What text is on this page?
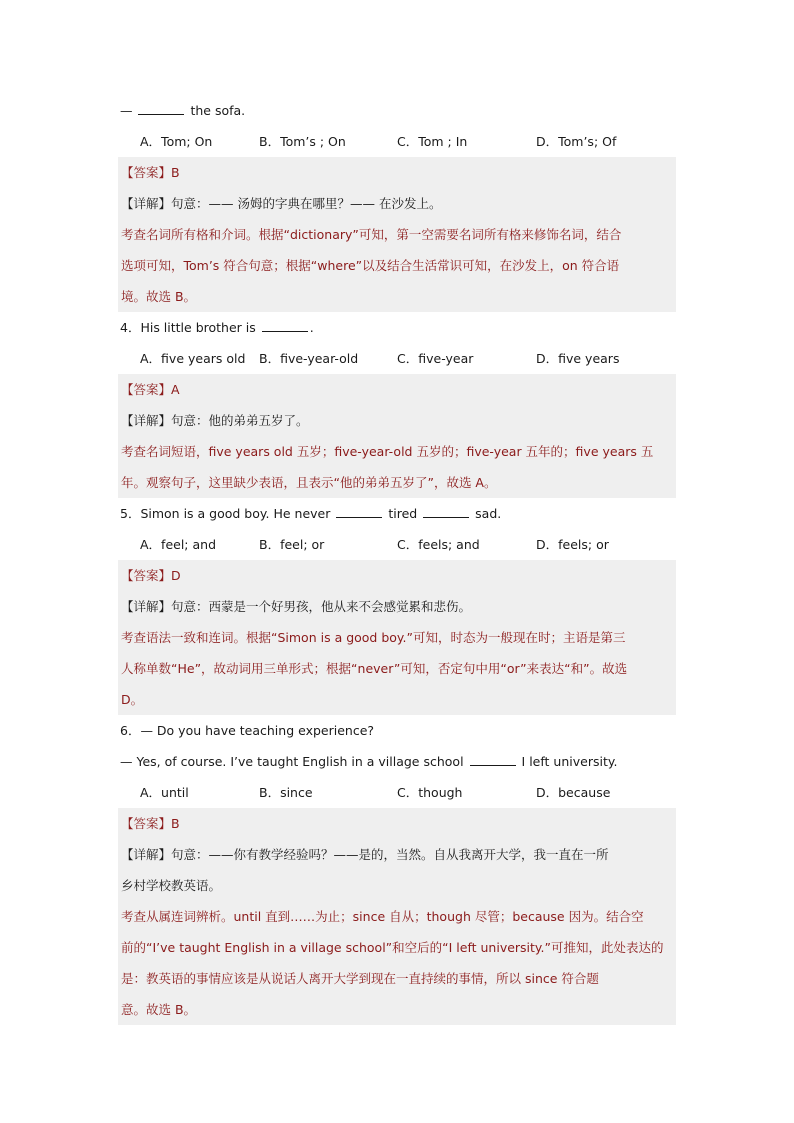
—	the sofa.
A．Tom; On	B．Tom’s ; On	C．Tom ; In	D．Tom’s; Of
【答案】B
【详解】句意：—— 汤姆的字典在哪里？—— 在沙发上。
考查名词所有格和介词。根据“dictionary”可知，第一空需要名词所有格来修饰名词，结合
选项可知，Tom’s 符合句意；根据“where”以及结合生活常识可知，在沙发上，on 符合语
境。故选 B。
4．His little brother is	.
A．five years old B．five-year-old	C．five-year	D．five years
【答案】A
【详解】句意：他的弟弟五岁了。
考查名词短语，five years old 五岁；five-year-old 五岁的；five-year 五年的；five years 五
年。观察句子，这里缺少表语，且表示“他的弟弟五岁了”，故选 A。
5．Simon is a good boy. He never	tired	sad.
A．feel; and	B．feel; or	C．feels; and	D．feels; or
【答案】D
【详解】句意：西蒙是一个好男孩，他从来不会感觉累和悲伤。
考查语法一致和连词。根据“Simon is a good boy.”可知，时态为一般现在时；主语是第三
人称单数“He”，故动词用三单形式；根据“never”可知，否定句中用“or”来表达“和”。故选
D。
6．— Do you have teaching experience?
— Yes, of course. I’ve taught English in a village school	I left university.
A．until	B．since	C．though	D．because
【答案】B
【详解】句意：——你有教学经验吗？——是的，当然。自从我离开大学，我一直在一所
乡村学校教英语。
考查从属连词辨析。until 直到……为止；since 自从；though 尽管；because 因为。结合空
前的“I’ve taught English in a village school”和空后的“I left university.”可推知，此处表达的
是：教英语的事情应该是从说话人离开大学到现在一直持续的事情，所以 since 符合题
意。故选 B。
